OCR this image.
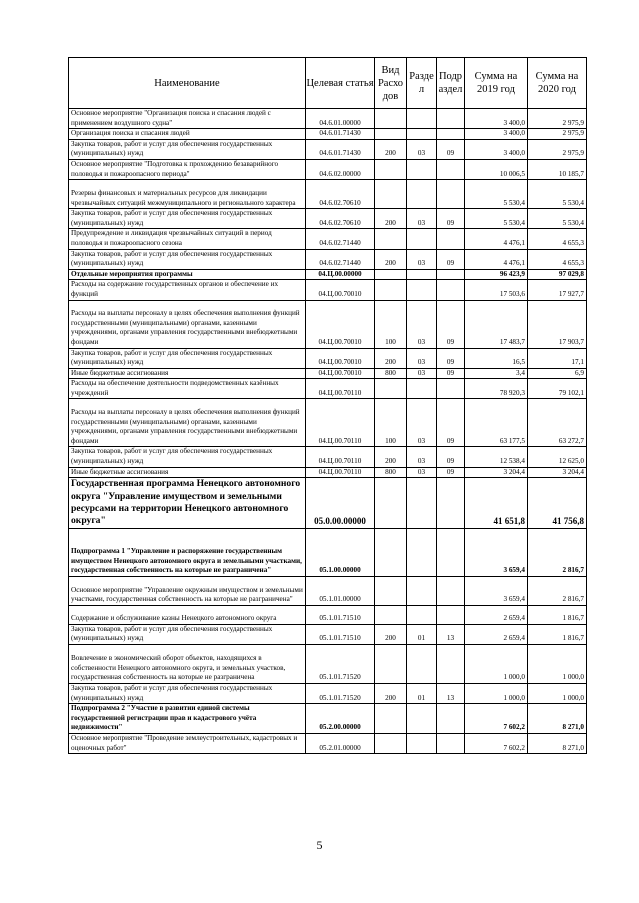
Наименование	Целевая статья	Вид Расхо дов	Разде л	Подр аздел	Сумма на 2019 год	Сумма на 2020 год
Основное мероприятие "Организация поиска и спасания людей с применением воздушного судна"	04.6.01.00000				3 400,0	2 975,9
Организация поиска и спасания людей	04.6.01.71430				3 400,0	2 975,9
Закупка товаров, работ и услуг для обеспечения государственных (муниципальных) нужд	04.6.01.71430	200	03	09	3 400,0	2 975,9
Основное мероприятие "Подготовка к прохождению безаварийного половодья и пожароопасного периода"	04.6.02.00000				10 006,5	10 185,7
Резервы финансовых и материальных ресурсов для ликвидации чрезвычайных ситуаций межмуниципального и регионального характера	04.6.02.70610				5 530,4	5 530,4
Закупка товаров, работ и услуг для обеспечения государственных (муниципальных) нужд	04.6.02.70610	200	03	09	5 530,4	5 530,4
Предупреждение и ликвидация чрезвычайных ситуаций в период половодья и пожароопасного сезона	04.6.02.71440				4 476,1	4 655,3
Закупка товаров, работ и услуг для обеспечения государственных (муниципальных) нужд	04.6.02.71440	200	03	09	4 476,1	4 655,3
Отдельные мероприятия программы	04.Ц.00.00000				96 423,9	97 029,8
Расходы на содержание государственных органов и обеспечение их функций	04.Ц.00.70010				17 503,6	17 927,7
Расходы на выплаты персоналу в целях обеспечения выполнения функций государственными (муниципальными) органами, казенными учреждениями, органами управления государственными внебюджетными фондами	04.Ц.00.70010	100	03	09	17 483,7	17 903,7
Закупка товаров, работ и услуг для обеспечения государственных (муниципальных) нужд	04.Ц.00.70010	200	03	09	16,5	17,1
Иные бюджетные ассигнования	04.Ц.00.70010	800	03	09	3,4	6,9
Расходы на обеспечение деятельности подведомственных казённых учреждений	04.Ц.00.70110				78 920,3	79 102,1
Расходы на выплаты персоналу в целях обеспечения выполнения функций государственными (муниципальными) органами, казенными учреждениями, органами управления государственными внебюджетными фондами	04.Ц.00.70110	100	03	09	63 177,5	63 272,7
Закупка товаров, работ и услуг для обеспечения государственных (муниципальных) нужд	04.Ц.00.70110	200	03	09	12 538,4	12 625,0
Иные бюджетные ассигнования	04.Ц.00.70110	800	03	09	3 204,4	3 204,4
Государственная программа Ненецкого автономного округа "Управление имуществом и земельными ресурсами на территории Ненецкого автономного округа"	05.0.00.00000				41 651,8	41 756,8
Подпрограмма 1 "Управление и распоряжение государственным имуществом Ненецкого автономного округа и земельными участками, государственная собственность на которые не разграничена"	05.1.00.00000				3 659,4	2 816,7
Основное мероприятие "Управление окружным имуществом и земельными участками, государственная собственность на которые не разграничена"	05.1.01.00000				3 659,4	2 816,7
Содержание и обслуживание казны Ненецкого автономного округа	05.1.01.71510				2 659,4	1 816,7
Закупка товаров, работ и услуг для обеспечения государственных (муниципальных) нужд	05.1.01.71510	200	01	13	2 659,4	1 816,7
Вовлечение в экономический оборот объектов, находящихся в собственности Ненецкого автономного округа, и земельных участков, государственная собственность на которые не разграничена	05.1.01.71520				1 000,0	1 000,0
Закупка товаров, работ и услуг для обеспечения государственных (муниципальных) нужд	05.1.01.71520	200	01	13	1 000,0	1 000,0
Подпрограмма 2 "Участие в развитии единой системы государственной регистрации прав и кадастрового учёта недвижимости"	05.2.00.00000				7 602,2	8 271,0
Основное мероприятие "Проведение землеустроительных, кадастровых и оценочных работ"	05.2.01.00000				7 602,2	8 271,0
5
